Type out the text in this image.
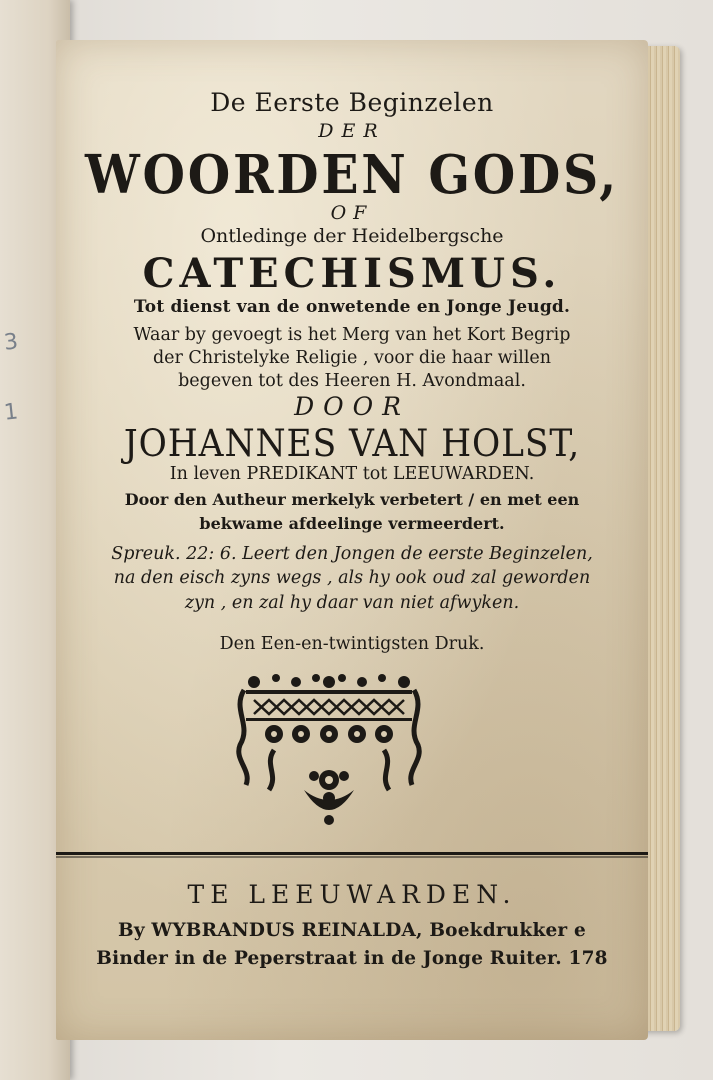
3
1
De Eerste Beginzelen
DER
WOORDEN GODS,
OF
Ontledinge der Heidelbergsche
CATECHISMUS.
Tot dienst van de onwetende en Jonge Jeugd.
Waar by gevoegt is het Merg van het Kort Begrip
der Christelyke Religie , voor die haar willen
begeven tot des Heeren H. Avondmaal.
DOOR
JOHANNES VAN HOLST,
In leven PREDIKANT tot LEEUWARDEN.
Door den Autheur merkelyk verbetert / en met een
bekwame afdeelinge vermeerdert.
Spreuk. 22: 6. Leert den Jongen de eerste Beginzelen,
na den eisch zyns wegs , als hy ook oud zal geworden
zyn , en zal hy daar van niet afwyken.
Den Een-en-twintigsten Druk.
TE LEEUWARDEN.
By WYBRANDUS REINALDA, Boekdrukker e
Binder in de Peperstraat in de Jonge Ruiter. 178
